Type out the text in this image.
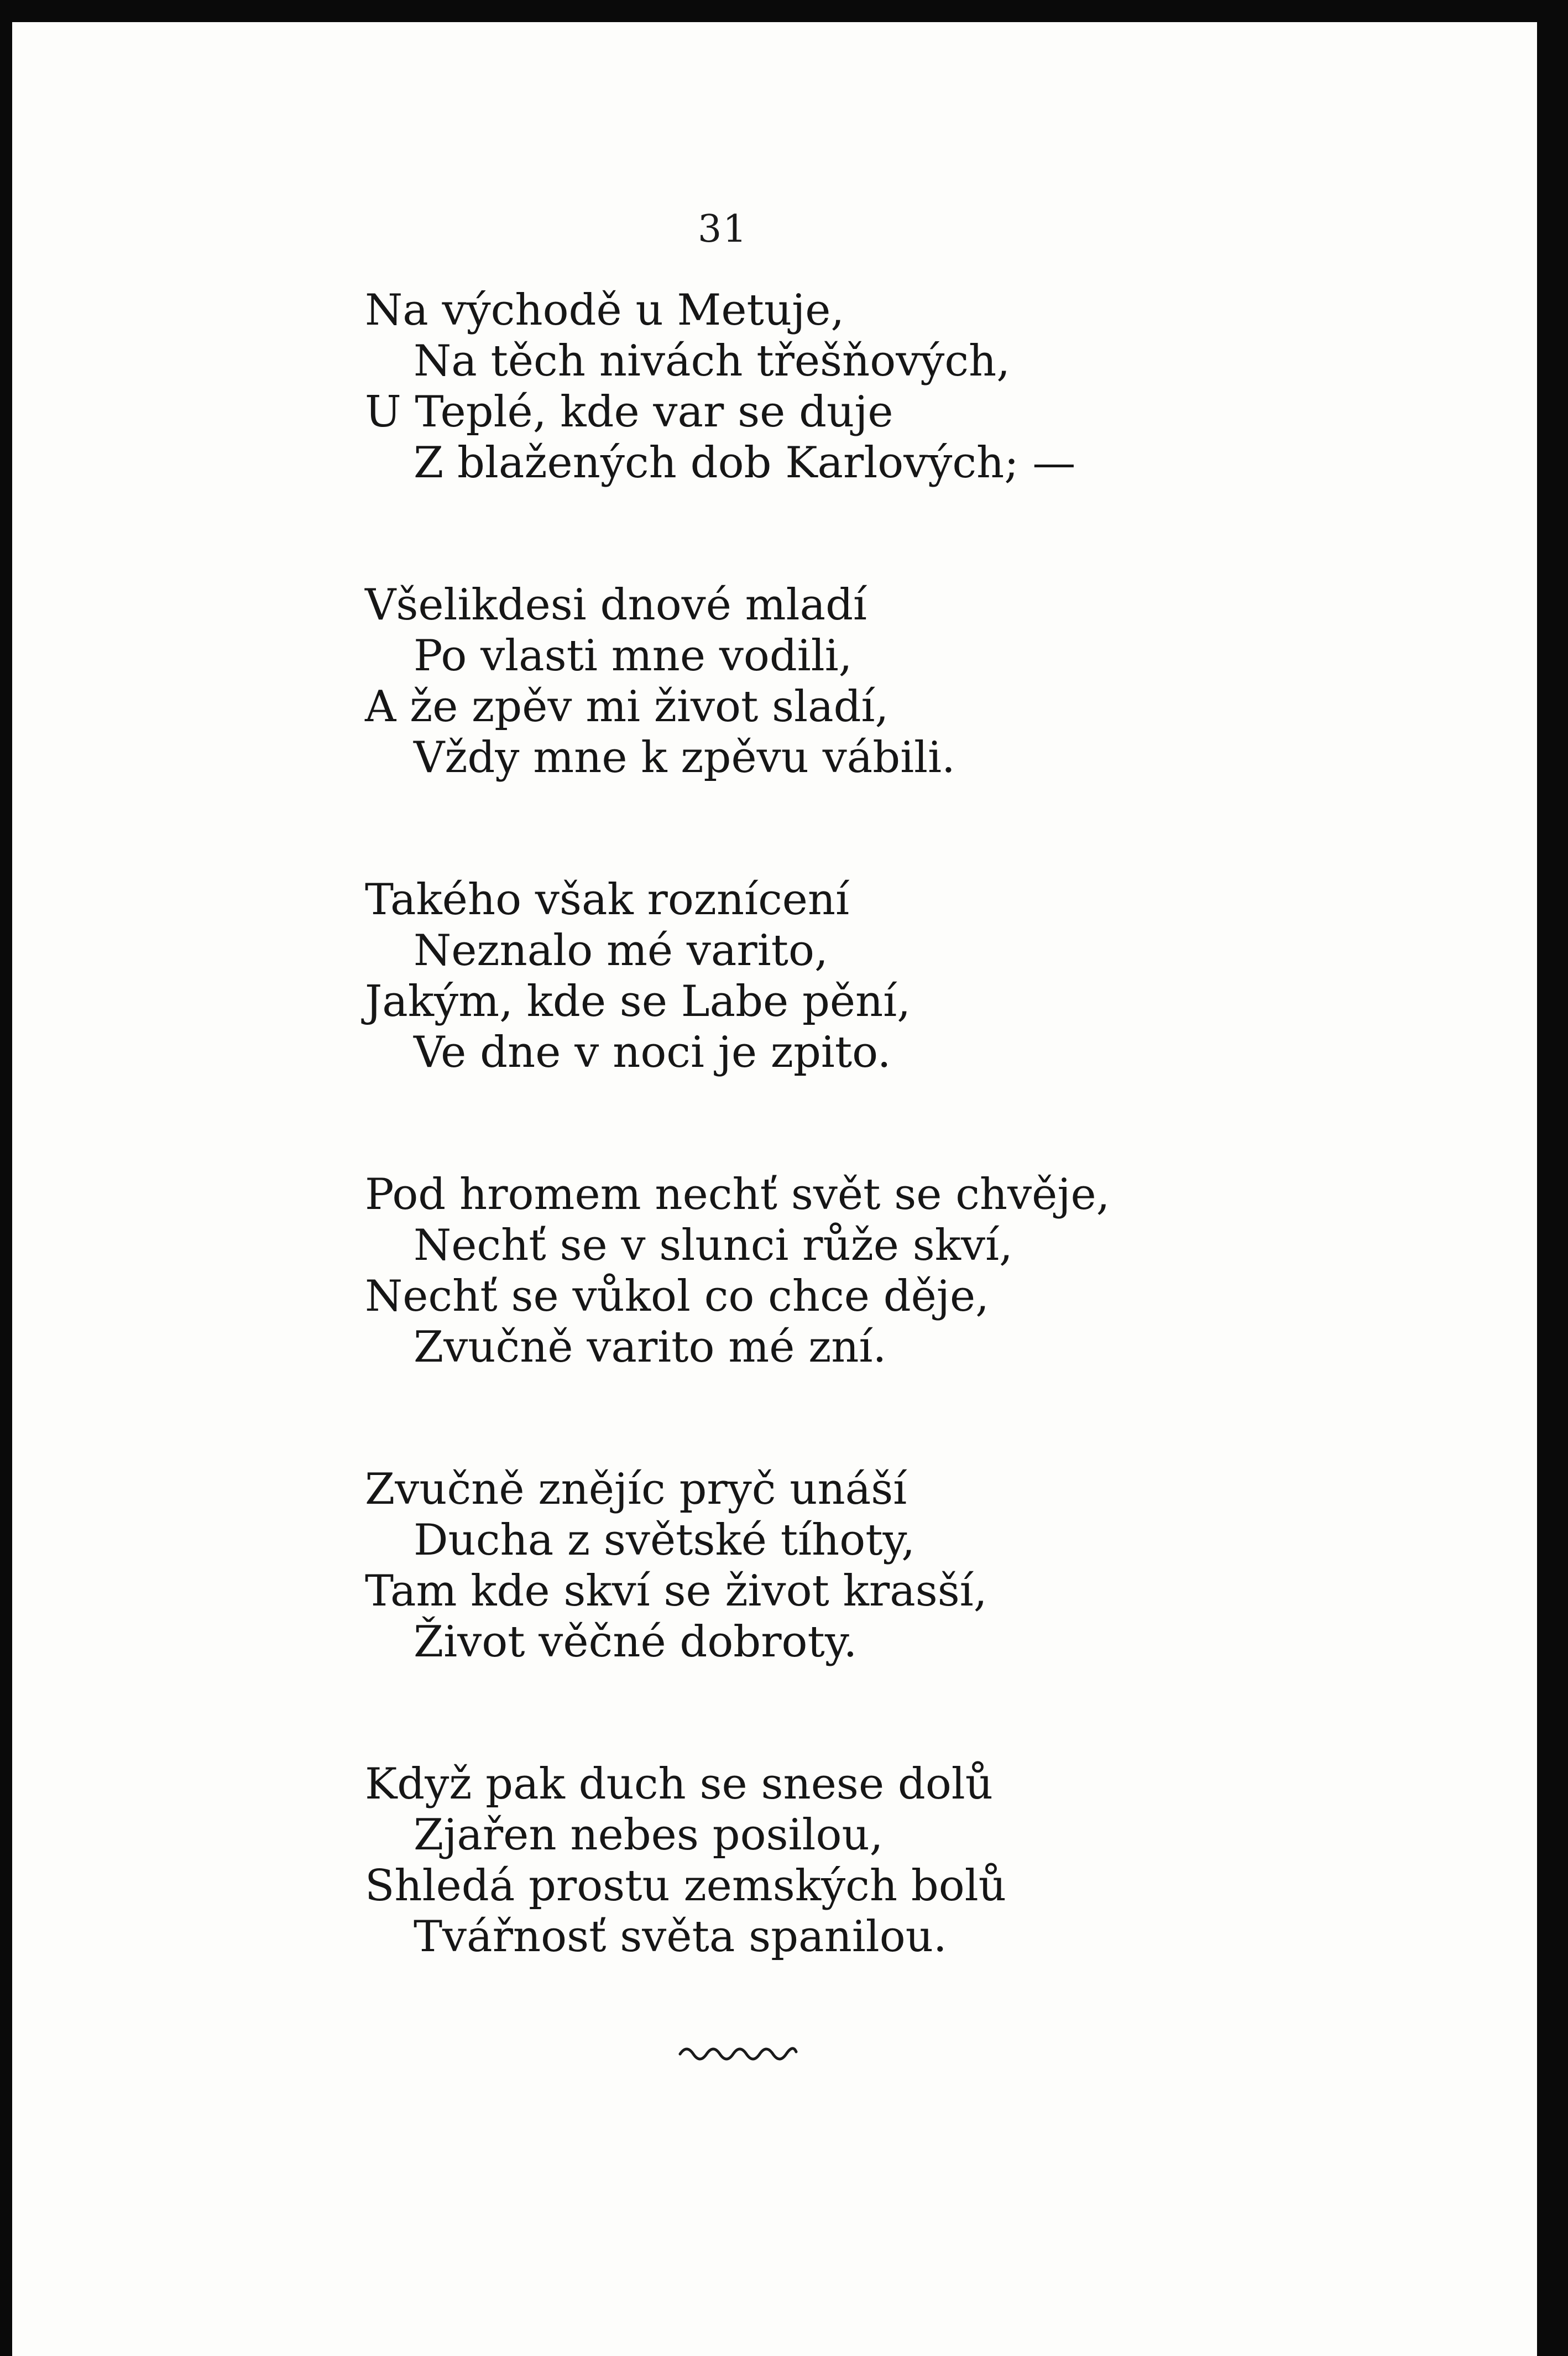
31
Na východě u Metuje,
Na těch nivách třešňových,
U Teplé, kde var se duje
Z blažených dob Karlových; —
Všelikdesi dnové mladí
Po vlasti mne vodili,
A že zpěv mi život sladí,
Vždy mne k zpěvu vábili.
Takého však roznícení
Neznalo mé varito,
Jakým, kde se Labe pění,
Ve dne v noci je zpito.
Pod hromem nechť svět se chvěje,
Nechť se v slunci růže skví,
Nechť se vůkol co chce děje,
Zvučně varito mé zní.
Zvučně znějíc pryč unáší
Ducha z světské tíhoty,
Tam kde skví se život krasší,
Život věčné dobroty.
Když pak duch se snese dolů
Zjařen nebes posilou,
Shledá prostu zemských bolů
Tvářnosť světa spanilou.
